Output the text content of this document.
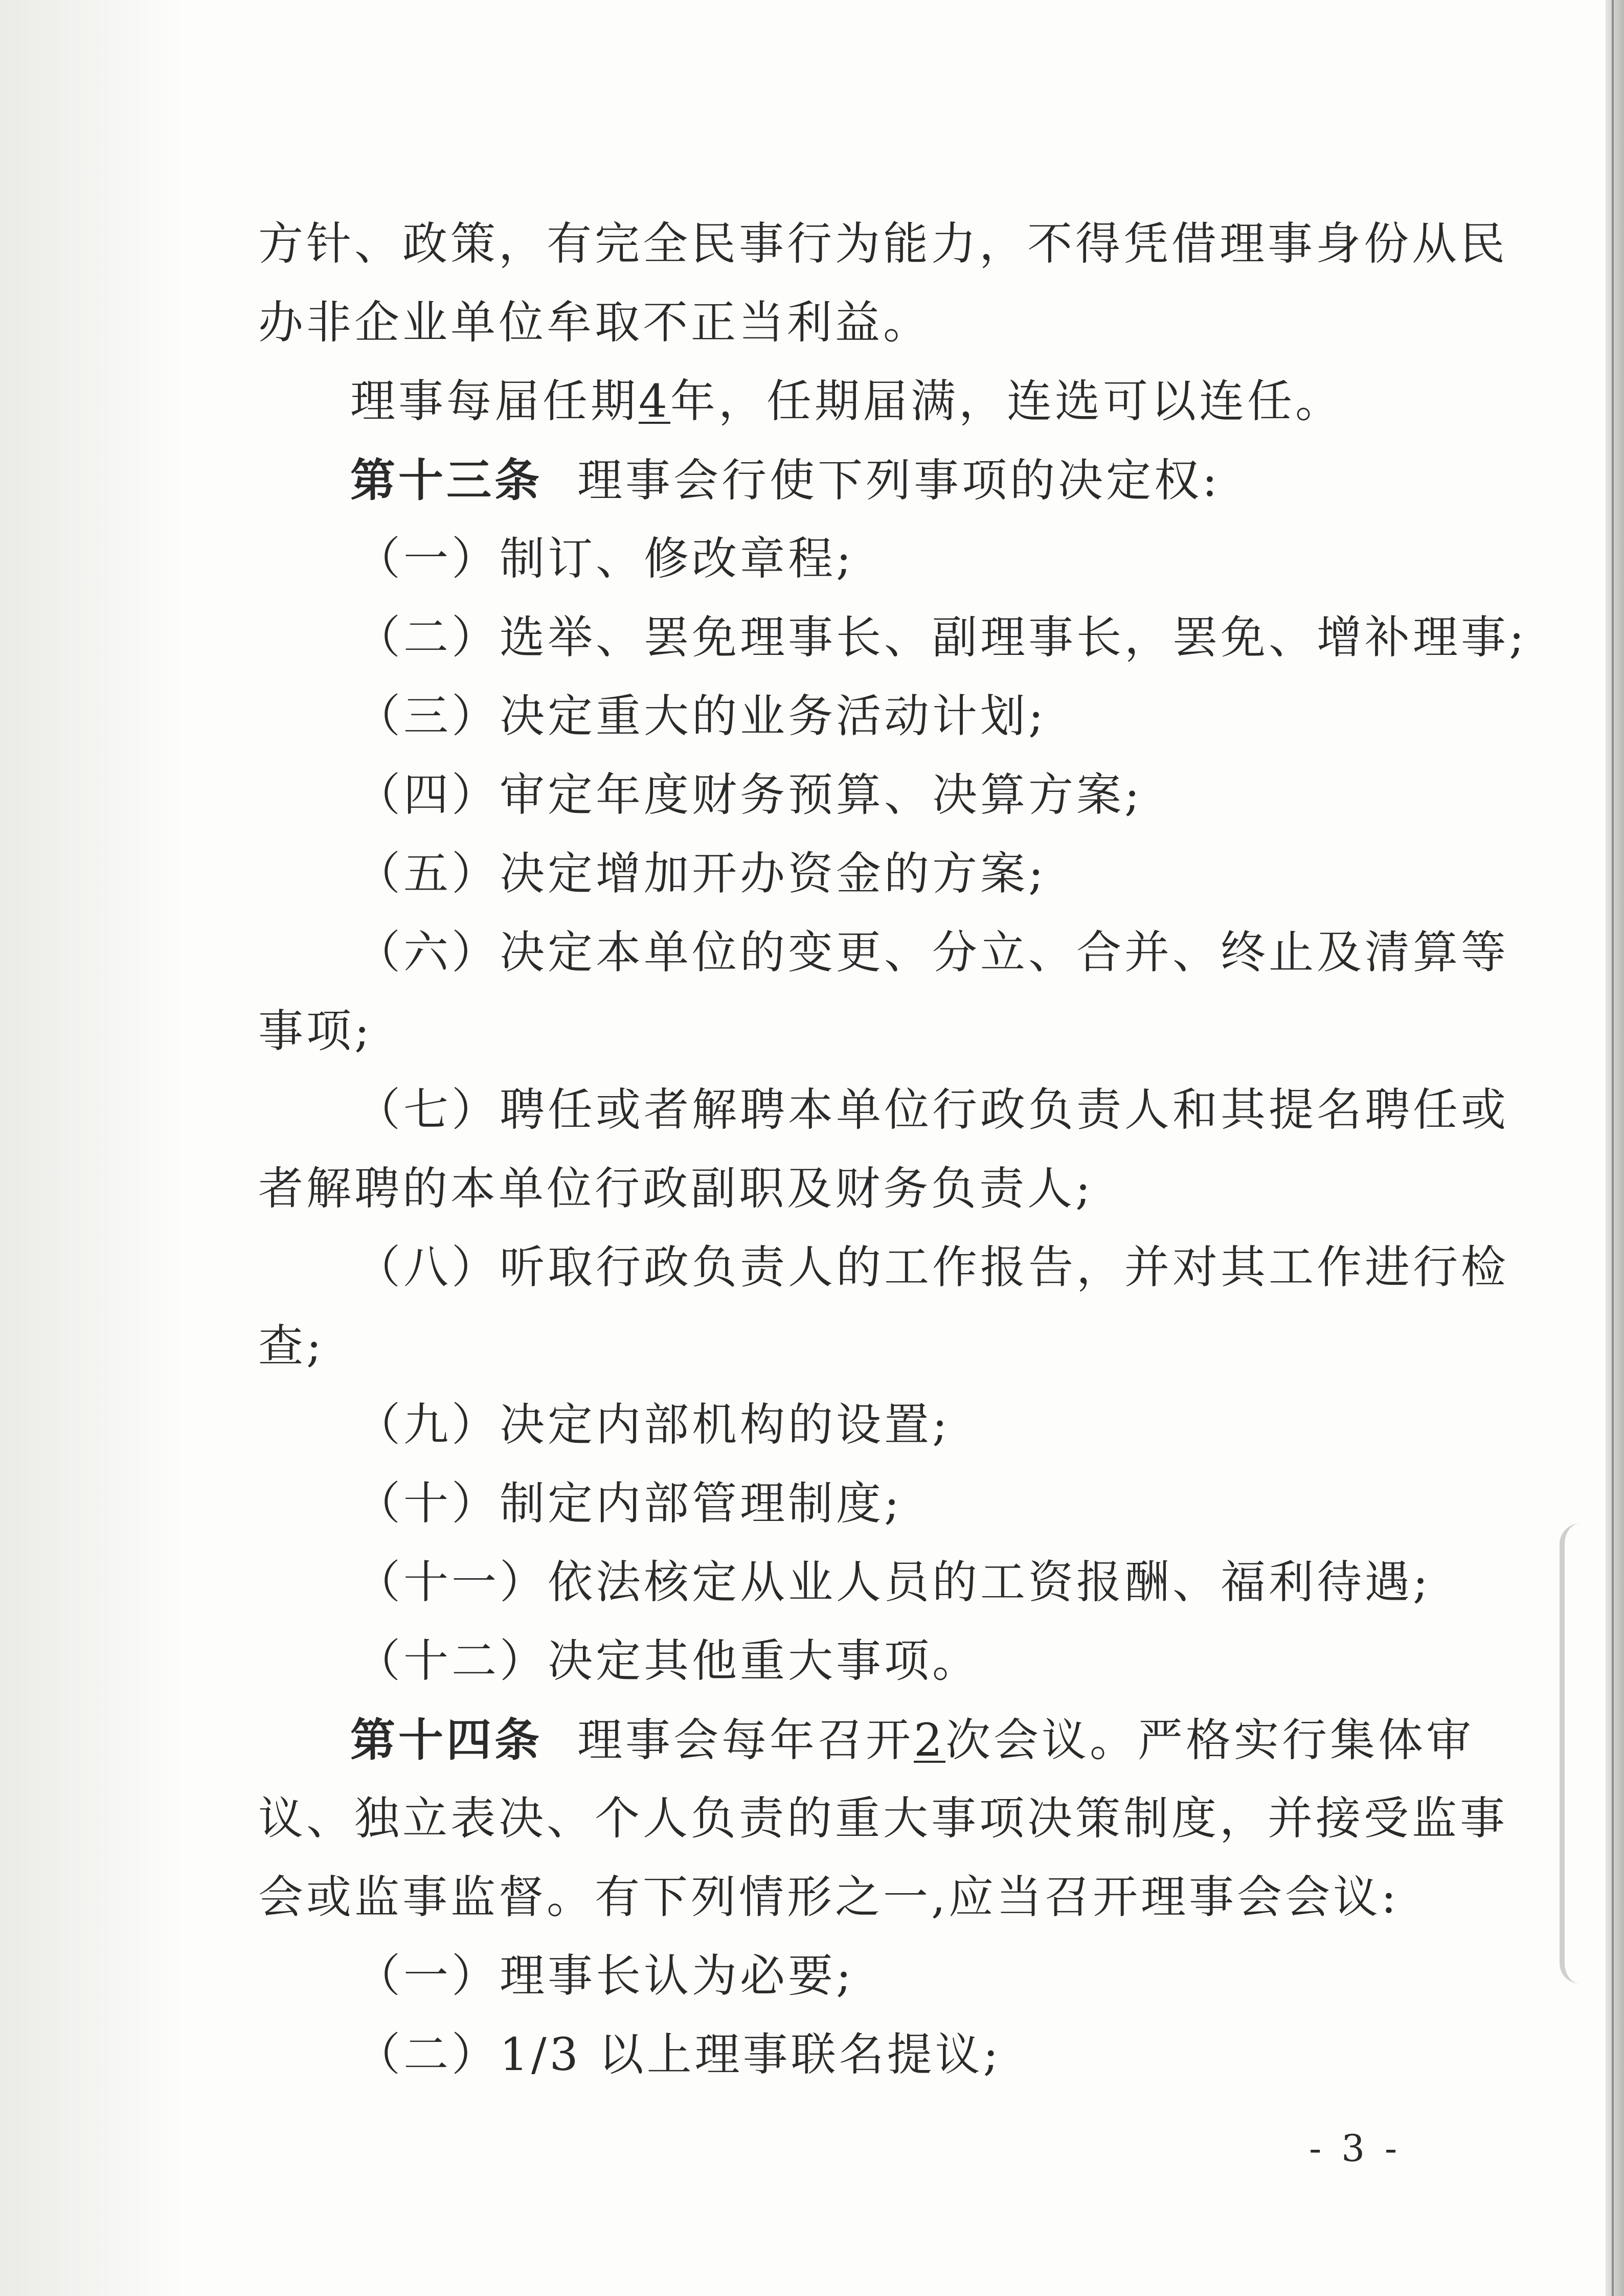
方针、政策，有完全民事行为能力，不得凭借理事身份从民
办非企业单位牟取不正当利益。
理事每届任期4年，任期届满，连选可以连任。
第十三条 理事会行使下列事项的决定权:
（一）制订、修改章程;
（二）选举、罢免理事长、副理事长，罢免、增补理事;
（三）决定重大的业务活动计划;
（四）审定年度财务预算、决算方案;
（五）决定增加开办资金的方案;
（六）决定本单位的变更、分立、合并、终止及清算等
事项;
（七）聘任或者解聘本单位行政负责人和其提名聘任或
者解聘的本单位行政副职及财务负责人;
（八）听取行政负责人的工作报告，并对其工作进行检
查;
（九）决定内部机构的设置;
（十）制定内部管理制度;
（十一）依法核定从业人员的工资报酬、福利待遇;
（十二）决定其他重大事项。
第十四条 理事会每年召开2次会议。严格实行集体审
议、独立表决、个人负责的重大事项决策制度，并接受监事
会或监事监督。有下列情形之一,应当召开理事会会议:
（一）理事长认为必要;
（二）1/3 以上理事联名提议;
- 3 -
